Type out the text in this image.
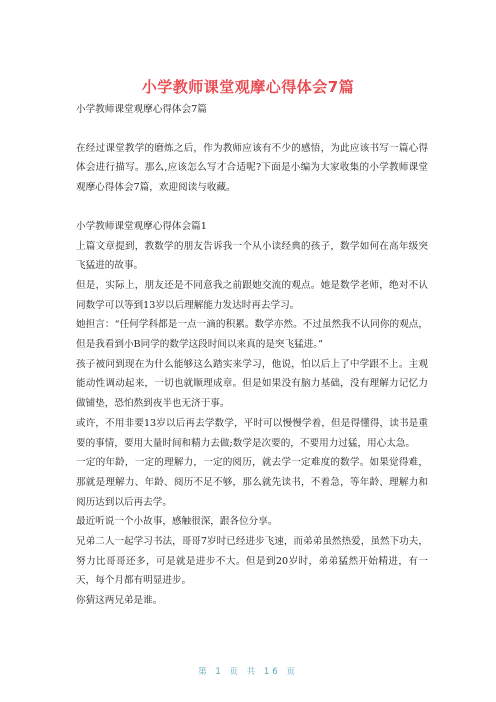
小学教师课堂观摩心得体会7篇

小学教师课堂观摩心得体会7篇

在经过课堂教学的磨炼之后，作为教师应该有不少的感悟，为此应该书写一篇心得体会进行描写。那么,应该怎么写才合适呢?下面是小编为大家收集的小学教师课堂观摩心得体会7篇，欢迎阅读与收藏。

小学教师课堂观摩心得体会篇1

上篇文章提到，教数学的朋友告诉我一个从小读经典的孩子，数学如何在高年级突飞猛进的故事。

但是，实际上，朋友还是不同意我之前跟她交流的观点。她是数学老师，绝对不认同数学可以等到13岁以后理解能力发达时再去学习。

她担言：“任何学科都是一点一滴的积累。数学亦然。不过虽然我不认同你的观点，但是我看到小B同学的数学这段时间以来真的是突飞猛进。”

孩子被问到现在为什么能够这么踏实来学习，他说，怕以后上了中学跟不上。主观能动性调动起来，一切也就顺理成章。但是如果没有脑力基础，没有理解力记忆力做铺垫，恐怕熬到夜半也无济于事。

或许，不用非要13岁以后再去学数学，平时可以慢慢学着，但是得懂得，读书是重要的事情，要用大量时间和精力去做;数学是次要的，不要用力过猛，用心太急。

一定的年龄，一定的理解力，一定的阅历，就去学一定难度的数学。如果觉得难，那就是理解力、年龄、阅历不足不够，那么就先读书，不着急，等年龄、理解力和阅历达到以后再去学。

最近听说一个小故事，感触很深，跟各位分享。

兄弟二人一起学习书法，哥哥7岁时已经进步飞速，而弟弟虽然热爱，虽然下功夫，努力比哥哥还多，可是就是进步不大。但是到20岁时，弟弟猛然开始精进，有一天，每个月都有明显进步。

你猜这两兄弟是谁。

第 1 页 共 16 页
